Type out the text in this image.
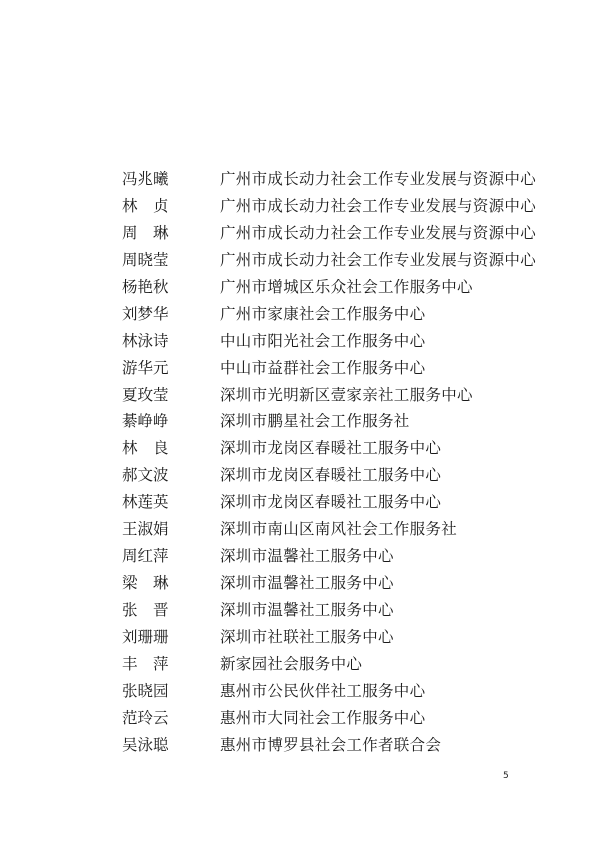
冯兆曦	广州市成长动力社会工作专业发展与资源中心
林　贞	广州市成长动力社会工作专业发展与资源中心
周　琳	广州市成长动力社会工作专业发展与资源中心
周晓莹	广州市成长动力社会工作专业发展与资源中心
杨艳秋	广州市增城区乐众社会工作服务中心
刘梦华	广州市家康社会工作服务中心
林泳诗	中山市阳光社会工作服务中心
游华元	中山市益群社会工作服务中心
夏玫莹	深圳市光明新区壹家亲社工服务中心
綦峥峥	深圳市鹏星社会工作服务社
林　良	深圳市龙岗区春暖社工服务中心
郝文波	深圳市龙岗区春暖社工服务中心
林莲英	深圳市龙岗区春暖社工服务中心
王淑娟	深圳市南山区南风社会工作服务社
周红萍	深圳市温馨社工服务中心
梁　琳	深圳市温馨社工服务中心
张　晋	深圳市温馨社工服务中心
刘珊珊	深圳市社联社工服务中心
丰　萍	新家园社会服务中心
张晓园	惠州市公民伙伴社工服务中心
范玲云	惠州市大同社会工作服务中心
吴泳聪	惠州市博罗县社会工作者联合会
5
